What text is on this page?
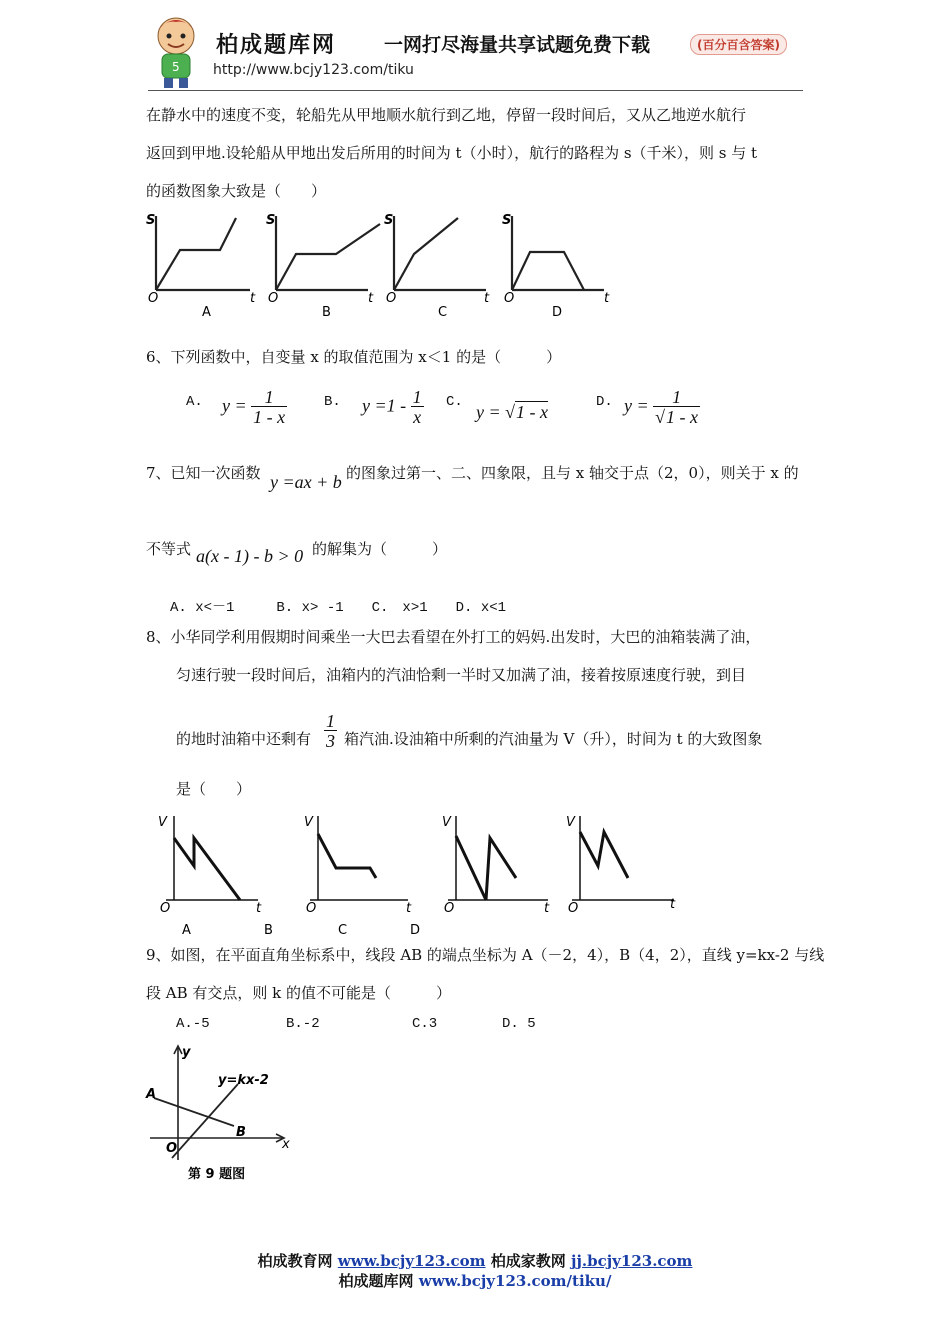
5
柏成题库网	一网打尽海量共享试题免费下载	(百分百含答案)
http://www.bcjy123.com/tiku
在静水中的速度不变，轮船先从甲地顺水航行到乙地，停留一段时间后，又从乙地逆水航行
返回到甲地.设轮船从甲地出发后所用的时间为 t（小时），航行的路程为 s（千米），则 s 与 t
的函数图象大致是（　　）
S
O	t
A
S
O	t
B
S
O	t
C
S
O	t
D
6、下列函数中，自变量 x 的取值范围为 x＜1 的是（　　　）
A. $y = \frac{1}{1 - x}$	B. $y =1 - \frac{1}{x} C$. y = √1 - x	D. $y = \frac{1}{√1 - x}$
7、已知一次函数 y =ax + b 的图象过第一、二、四象限，且与 x 轴交于点（2，0），则关于 x 的
不等式 a(x - 1) - b > 0 的解集为（　　　）
A. x<－1　　　B. x> -1　　C.　x>1　　D. x<1
8、小华同学利用假期时间乘坐一大巴去看望在外打工的妈妈.出发时，大巴的油箱装满了油，
匀速行驶一段时间后，油箱内的汽油恰剩一半时又加满了油，接着按原速度行驶，到目
的地时油箱中还剩有 $\frac{1}{3}$ 箱汽油.设油箱中所剩的汽油量为 V（升），时间为 t 的大致图象
是（　　）
V
O	t
A
V
O	t
B
V
O	t
C
V
O	t
D
9、如图，在平面直角坐标系中，线段 AB 的端点坐标为 A（－2，4），B（4，2），直线 y=kx-2 与线
段 AB 有交点，则 k 的值不可能是（　　　）
A.-5	B.-2	C.3	D. 5
y
x
O
A
B
y=kx-2
第 9 题图
柏成教育网 www.bcjy123.com 柏成家教网 jj.bcjy123.com
柏成题库网 www.bcjy123.com/tiku/
